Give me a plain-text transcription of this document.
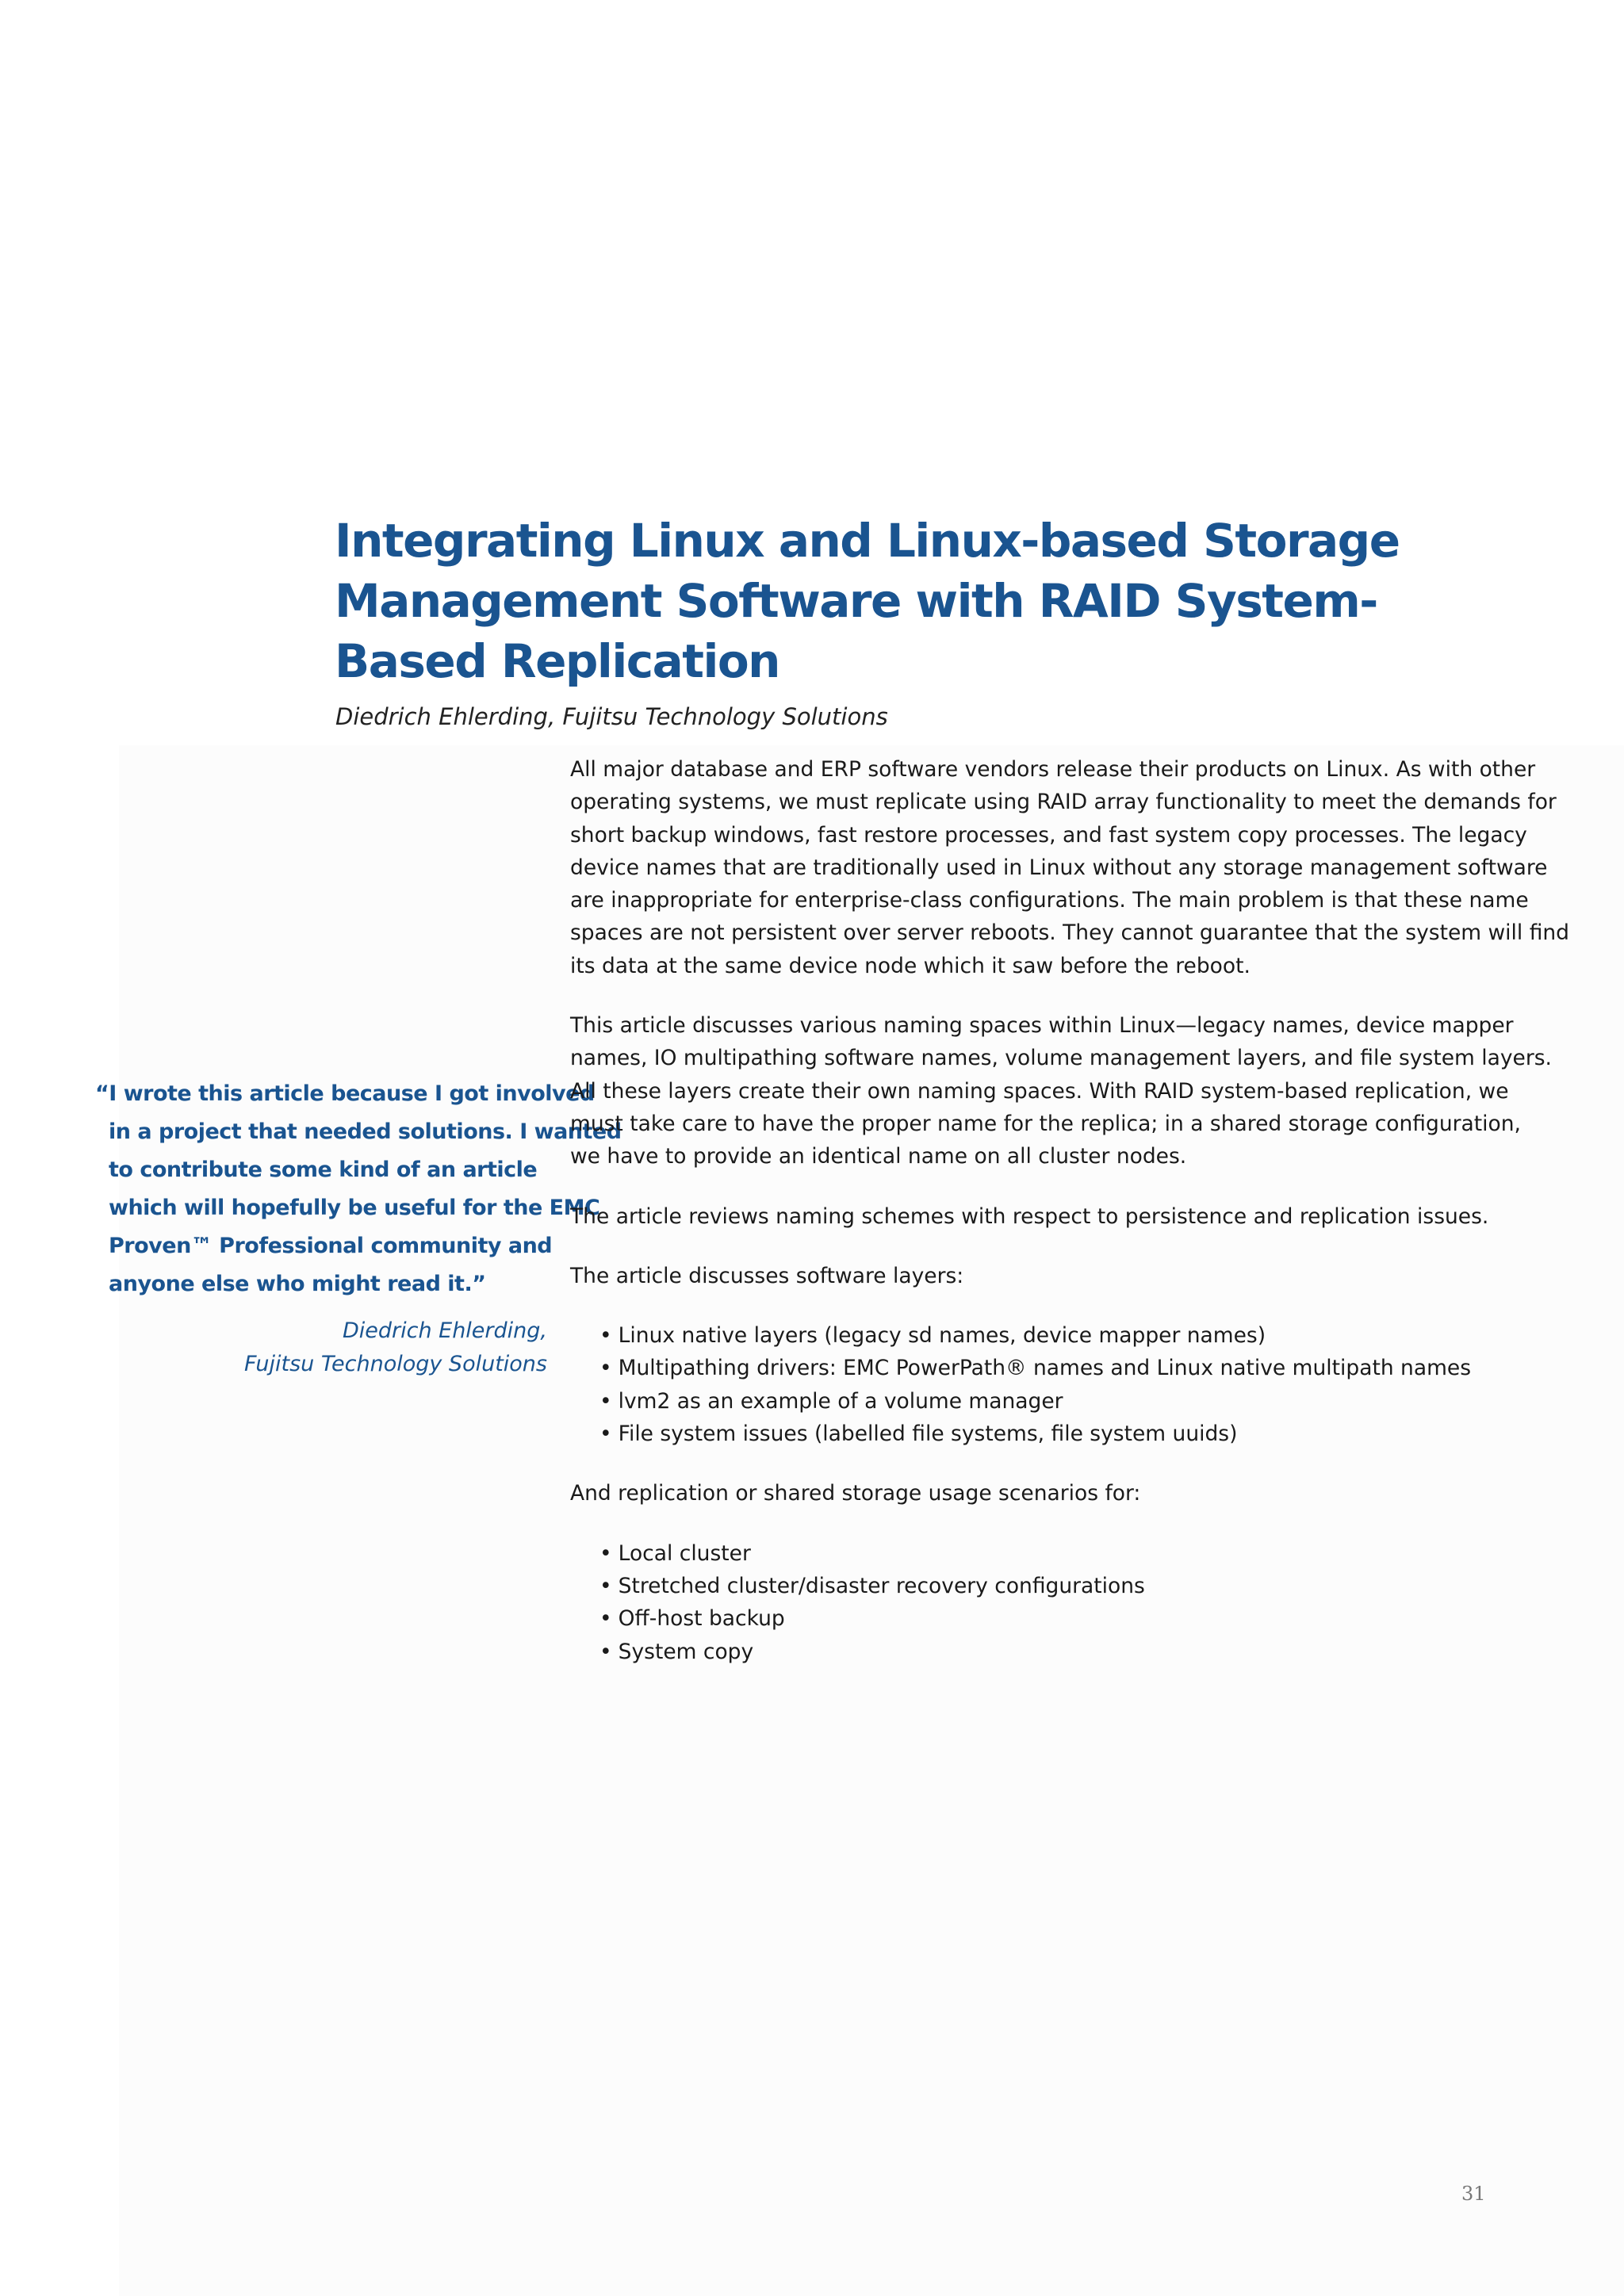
Integrating Linux and Linux-based Storage
Management Software with RAID System-
Based Replication
Diedrich Ehlerding, Fujitsu Technology Solutions
“I wrote this article because I got involved
in a project that needed solutions. I wanted
to contribute some kind of an article
which will hopefully be useful for the EMC
Proven™ Professional community and
anyone else who might read it.”
Diedrich Ehlerding,
Fujitsu Technology Solutions

All major database and ERP software vendors release their products on Linux. As with other
operating systems, we must replicate using RAID array functionality to meet the demands for
short backup windows, fast restore processes, and fast system copy processes. The legacy
device names that are traditionally used in Linux without any storage management software
are inappropriate for enterprise-class configurations. The main problem is that these name
spaces are not persistent over server reboots. They cannot guarantee that the system will find
its data at the same device node which it saw before the reboot.

This article discusses various naming spaces within Linux—legacy names, device mapper
names, IO multipathing software names, volume management layers, and file system layers.
All these layers create their own naming spaces. With RAID system-based replication, we
must take care to have the proper name for the replica; in a shared storage configuration,
we have to provide an identical name on all cluster nodes.

The article reviews naming schemes with respect to persistence and replication issues.

The article discusses software layers:

• Linux native layers (legacy sd names, device mapper names)
• Multipathing drivers: EMC PowerPath® names and Linux native multipath names
• lvm2 as an example of a volume manager
• File system issues (labelled file systems, file system uuids)

And replication or shared storage usage scenarios for:

• Local cluster
• Stretched cluster/disaster recovery configurations
• Off-host backup
• System copy
31
